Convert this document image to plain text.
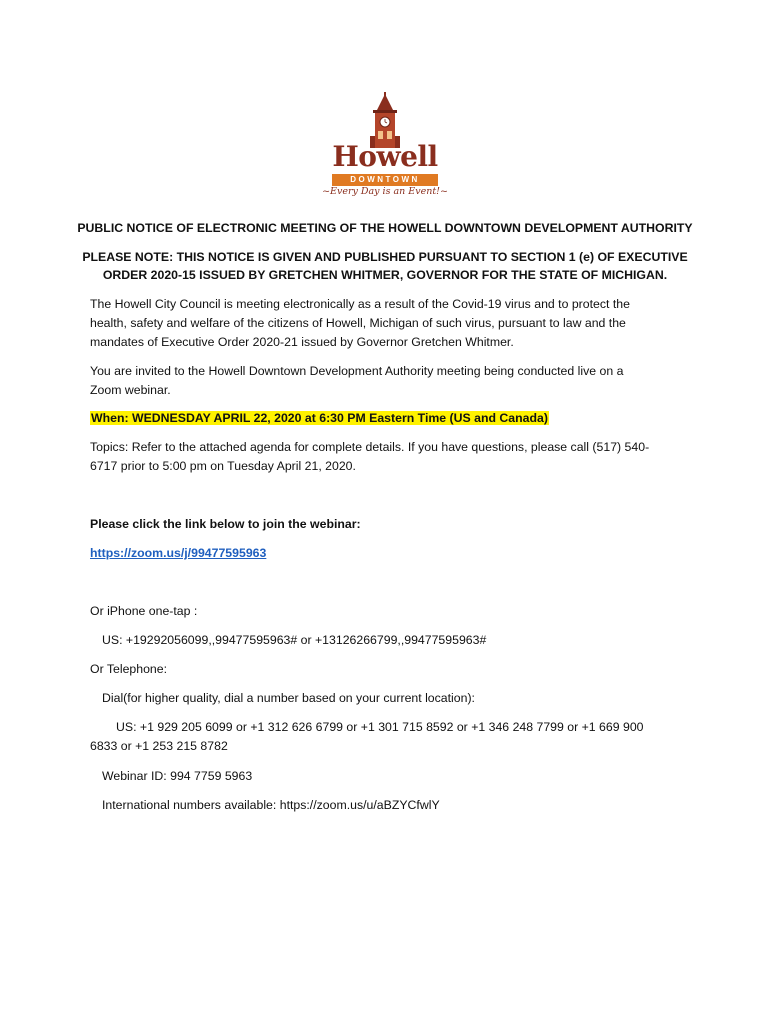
Howell
DOWNTOWN
~Every Day is an Event!~
PUBLIC NOTICE OF ELECTRONIC MEETING OF THE HOWELL DOWNTOWN DEVELOPMENT AUTHORITY
PLEASE NOTE: THIS NOTICE IS GIVEN AND PUBLISHED PURSUANT TO SECTION 1 (e) OF EXECUTIVE
ORDER 2020-15 ISSUED BY GRETCHEN WHITMER, GOVERNOR FOR THE STATE OF MICHIGAN.
The Howell City Council is meeting electronically as a result of the Covid-19 virus and to protect the
health, safety and welfare of the citizens of Howell, Michigan of such virus, pursuant to law and the
mandates of Executive Order 2020-21 issued by Governor Gretchen Whitmer.
You are invited to the Howell Downtown Development Authority meeting being conducted live on a
Zoom webinar.
When: WEDNESDAY APRIL 22, 2020 at 6:30 PM Eastern Time (US and Canada)
Topics: Refer to the attached agenda for complete details. If you have questions, please call (517) 540-
6717 prior to 5:00 pm on Tuesday April 21, 2020.
Please click the link below to join the webinar:
https://zoom.us/j/99477595963
Or iPhone one-tap :
US: +19292056099,,99477595963# or +13126266799,,99477595963#
Or Telephone:
Dial(for higher quality, dial a number based on your current location):
US: +1 929 205 6099 or +1 312 626 6799 or +1 301 715 8592 or +1 346 248 7799 or +1 669 900
6833 or +1 253 215 8782
Webinar ID: 994 7759 5963
International numbers available: https://zoom.us/u/aBZYCfwlY
